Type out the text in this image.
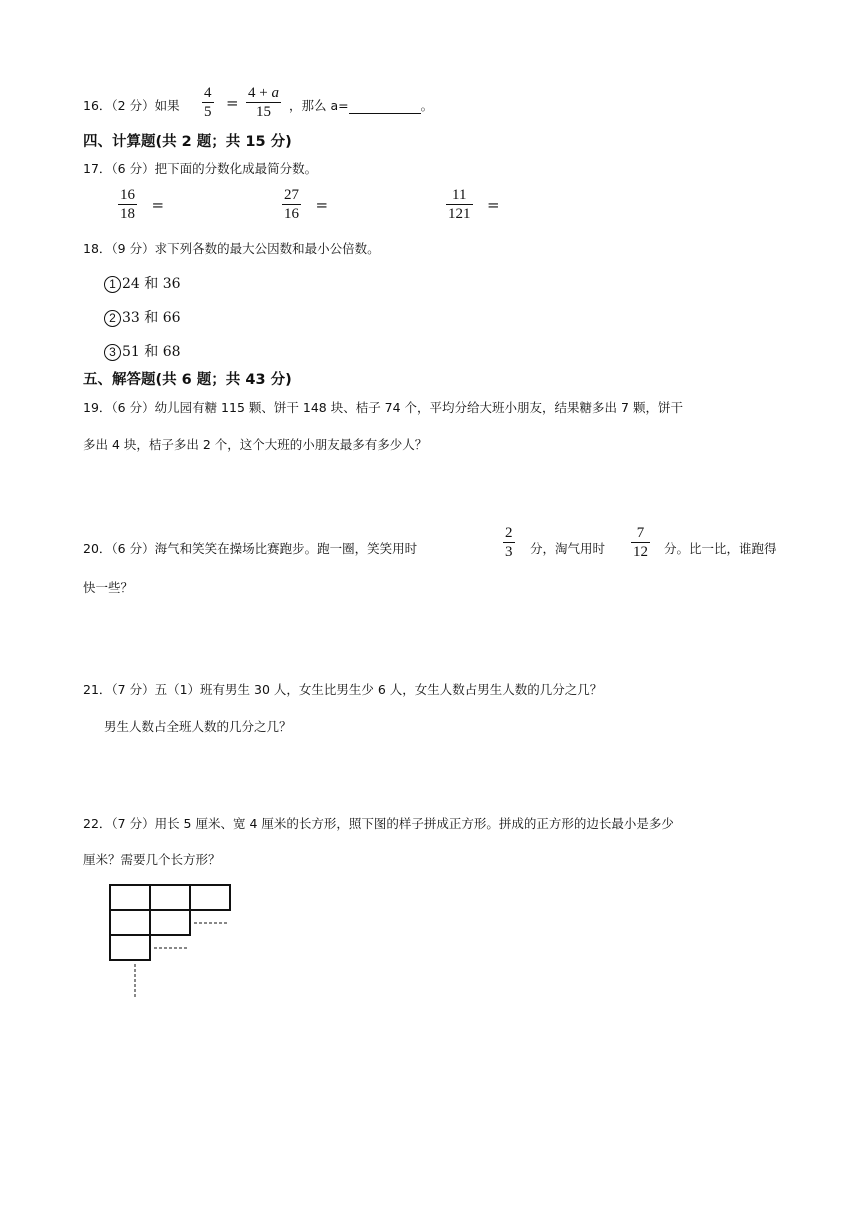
16．（2 分）如果 $\frac{4}{5} = \frac{4 + a}{15}$ ，那么 a=	。
四、计算题(共 2 题；共 15 分)
17．（6 分）把下面的分数化成最简分数。
$\frac{16}{18}$ =	$\frac{27}{16}$ =	$\frac{11}{121}$ =
18．（9 分）求下列各数的最大公因数和最小公倍数。
1 24 和 36
2 33 和 66
3 51 和 68
五、解答题(共 6 题；共 43 分)
19．（6 分）幼儿园有糖 115 颗、饼干 148 块、桔子 74 个，平均分给大班小朋友，结果糖多出 7 颗，饼干
多出 4 块，桔子多出 2 个，这个大班的小朋友最多有多少人？
20．（6 分）海气和笑笑在操场比赛跑步。跑一圈，笑笑用时	$\frac{2}{3}$ 分，淘气用时 $\frac{7}{12}$ 分。比一比，谁跑得
快一些？
21．（7 分）五（1）班有男生 30 人，女生比男生少 6 人，女生人数占男生人数的几分之几？
男生人数占全班人数的几分之几？
22．（7 分）用长 5 厘米、宽 4 厘米的长方形，照下图的样子拼成正方形。拼成的正方形的边长最小是多少
厘米？需要几个长方形？
